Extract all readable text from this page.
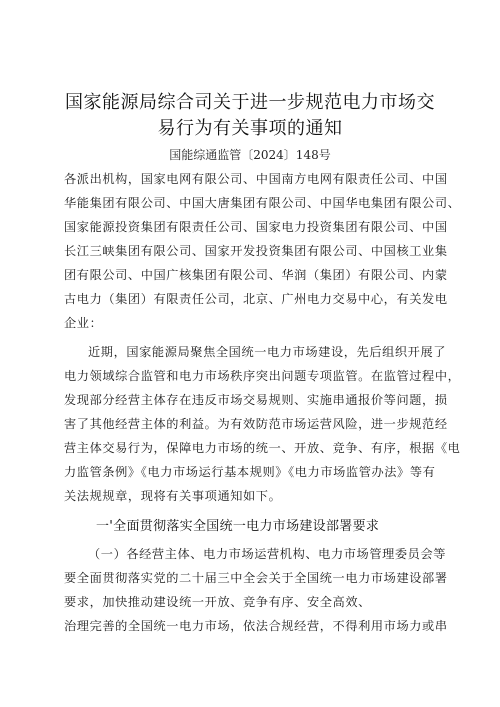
国家能源局综合司关于进一步规范电力市场交
易行为有关事项的通知
国能综通监管〔2024〕148号
各派出机构，国家电网有限公司、中国南方电网有限责任公司、中国
华能集团有限公司、中国大唐集团有限公司、中国华电集团有限公司、
国家能源投资集团有限责任公司、国家电力投资集团有限公司、中国
长江三峡集团有限公司、国家开发投资集团有限公司、中国核工业集
团有限公司、中国广核集团有限公司、华润（集团）有限公司、内蒙
古电力（集团）有限责任公司，北京、广州电力交易中心，有关发电
企业：
近期，国家能源局聚焦全国统一电力市场建设，先后组织开展了
电力领域综合监管和电力市场秩序突出问题专项监管。在监管过程中，
发现部分经营主体存在违反市场交易规则、实施串通报价等问题，损
害了其他经营主体的利益。为有效防范市场运营风险，进一步规范经
营主体交易行为，保障电力市场的统一、开放、竞争、有序，根据《电
力监管条例》《电力市场运行基本规则》《电力市场监管办法》等有
关法规规章，现将有关事项通知如下。
一'全面贯彻落实全国统一电力市场建设部署要求
（一）各经营主体、电力市场运营机构、电力市场管理委员会等
要全面贯彻落实党的二十届三中全会关于全国统一电力市场建设部署
要求，加快推动建设统一开放、竞争有序、安全高效、
治理完善的全国统一电力市场，依法合规经营，不得利用市场力或串
